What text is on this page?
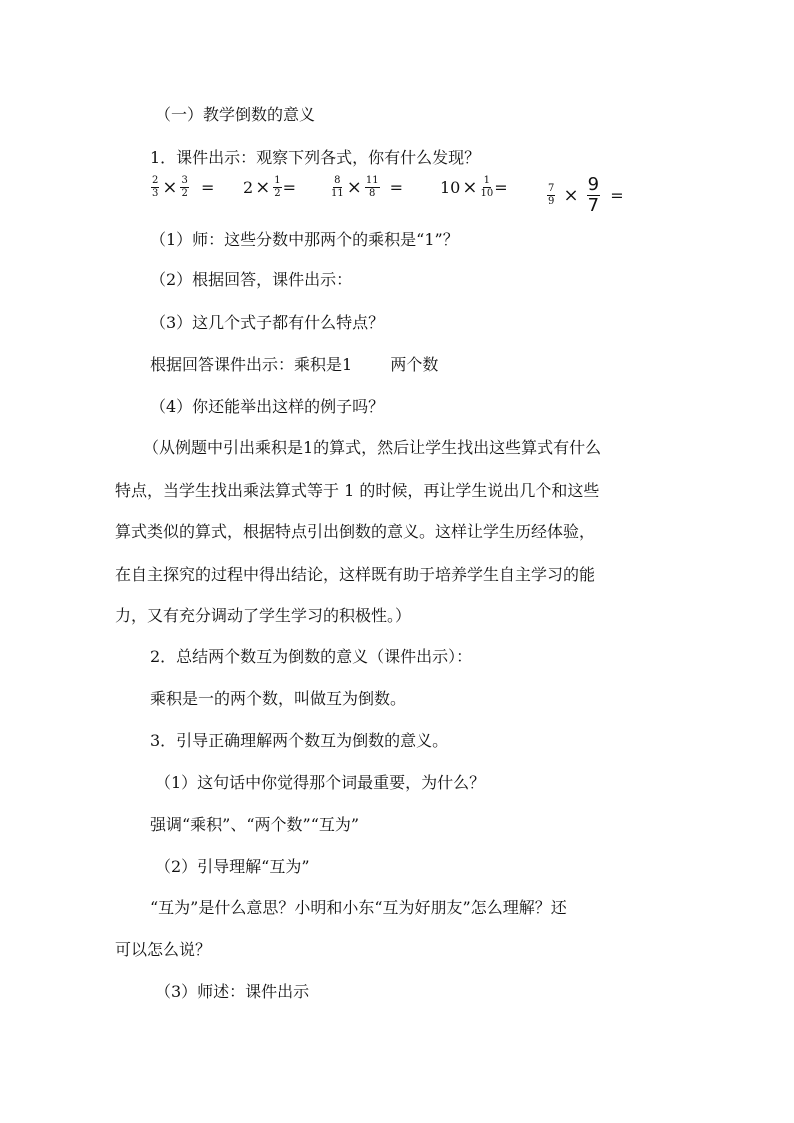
（一）教学倒数的意义
1．课件出示：观察下列各式，你有什么发现？
$\frac{2}{3} \times \frac{3}{2} = 2 \times \frac{1}{2}$ =	$\frac{8}{11} \times \frac{11}{8} = 10 \times \frac{1}{10}$ =	$\frac{7}{9} \times \frac{9}{7}$ =
（1）师：这些分数中那两个的乘积是“1”？
（2）根据回答，课件出示：
（3）这几个式子都有什么特点？
根据回答课件出示：乘积是1 两个数
（4）你还能举出这样的例子吗？
（从例题中引出乘积是1的算式，然后让学生找出这些算式有什么
特点，当学生找出乘法算式等于 1 的时候，再让学生说出几个和这些
算式类似的算式，根据特点引出倒数的意义。这样让学生历经体验，
在自主探究的过程中得出结论，这样既有助于培养学生自主学习的能
力，又有充分调动了学生学习的积极性。）
2．总结两个数互为倒数的意义（课件出示）：
乘积是一的两个数，叫做互为倒数。
3．引导正确理解两个数互为倒数的意义。
（1）这句话中你觉得那个词最重要，为什么？
强调“乘积”、“两个数”“互为”
（2）引导理解“互为”
“互为”是什么意思？小明和小东“互为好朋友”怎么理解？还
可以怎么说？
（3）师述：课件出示
